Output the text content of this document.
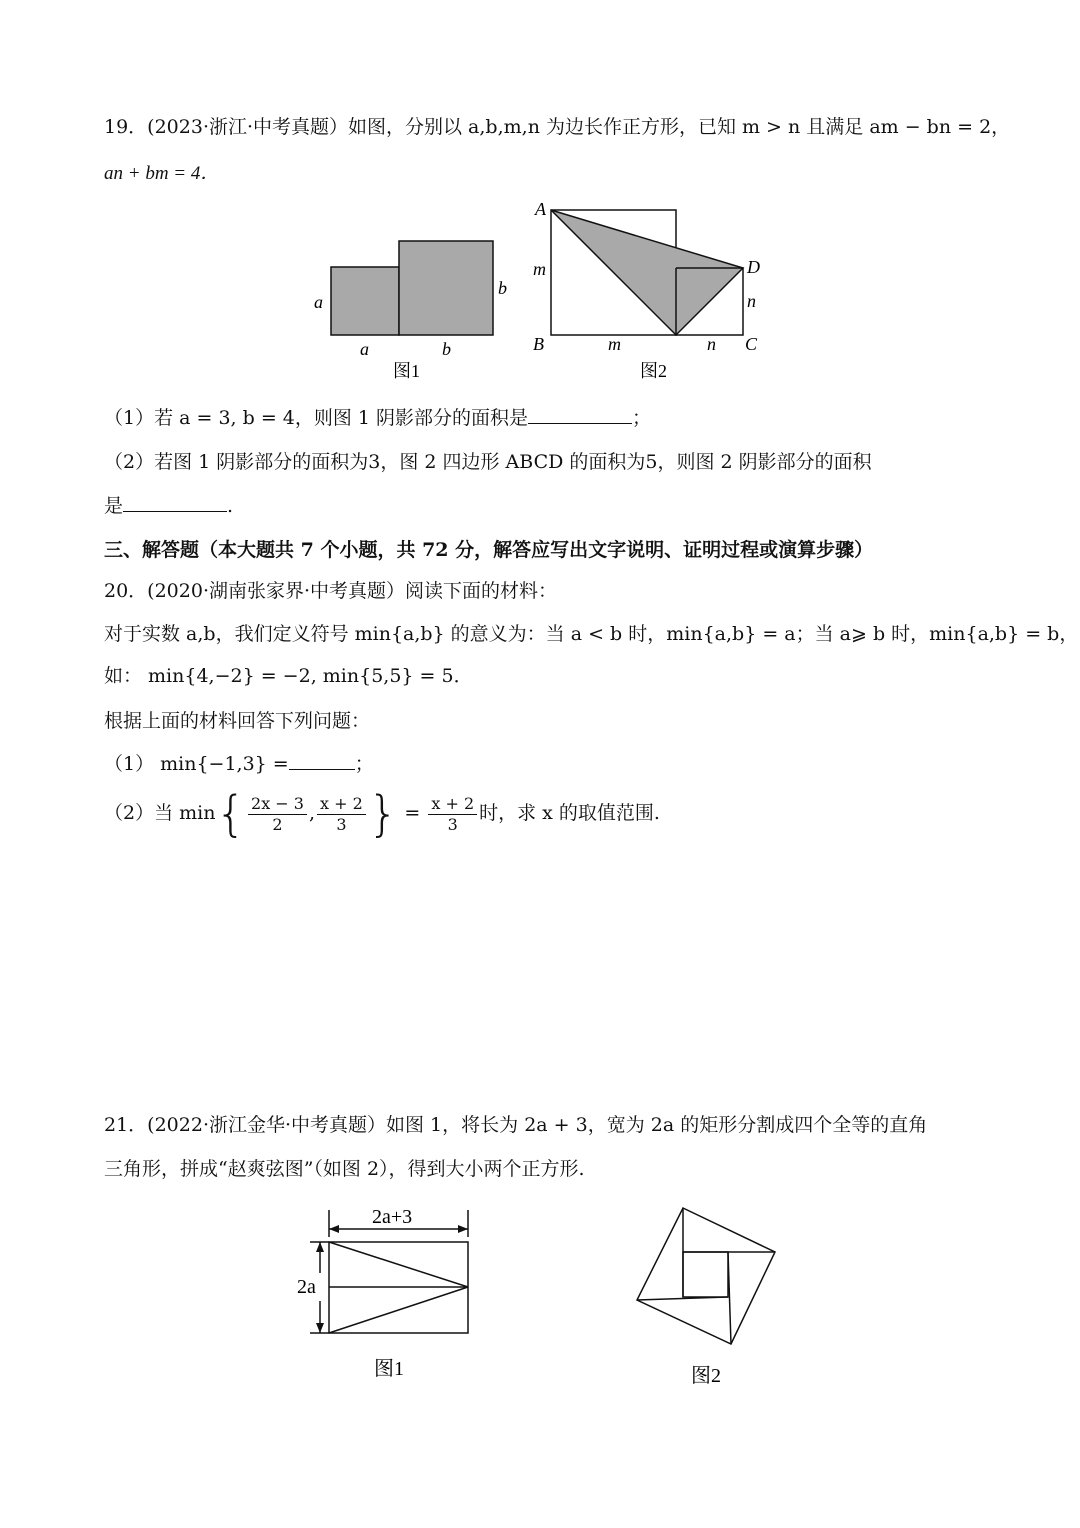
19．(2023·浙江·中考真题）如图，分别以 a,b,m,n 为边长作正方形，已知 m > n 且满足 am − bn = 2，
an + bm = 4．
a
b
a	b
图1
A
B	C
D
m
n
m	n
图2
（1）若 a = 3, b = 4，则图 1 阴影部分的面积是	；
（2）若图 1 阴影部分的面积为3，图 2 四边形 ABCD 的面积为5，则图 2 阴影部分的面积
是	.
三、解答题（本大题共 7 个小题，共 72 分，解答应写出文字说明、证明过程或演算步骤）
20．(2020·湖南张家界·中考真题）阅读下面的材料：
对于实数 a,b，我们定义符号 min{a,b} 的意义为：当 a < b 时，min{a,b} = a；当 a⩾ b 时，min{a,b} = b，
如： min{4,−2} = −2, min{5,5} = 5．
根据上面的材料回答下列问题：
（1） min{−1,3} =	；
（2）当 $\min\{ \frac{2x - 3}{2}$ , $\frac{x + 2}{3}$ } = $\frac{x + 2}{3}$ 时，求 x 的取值范围.
21．(2022·浙江金华·中考真题）如图 1，将长为 2a + 3，宽为 2a 的矩形分割成四个全等的直角
三角形，拼成“赵爽弦图”（如图 2），得到大小两个正方形.
2a+3
2a
图1	图2
